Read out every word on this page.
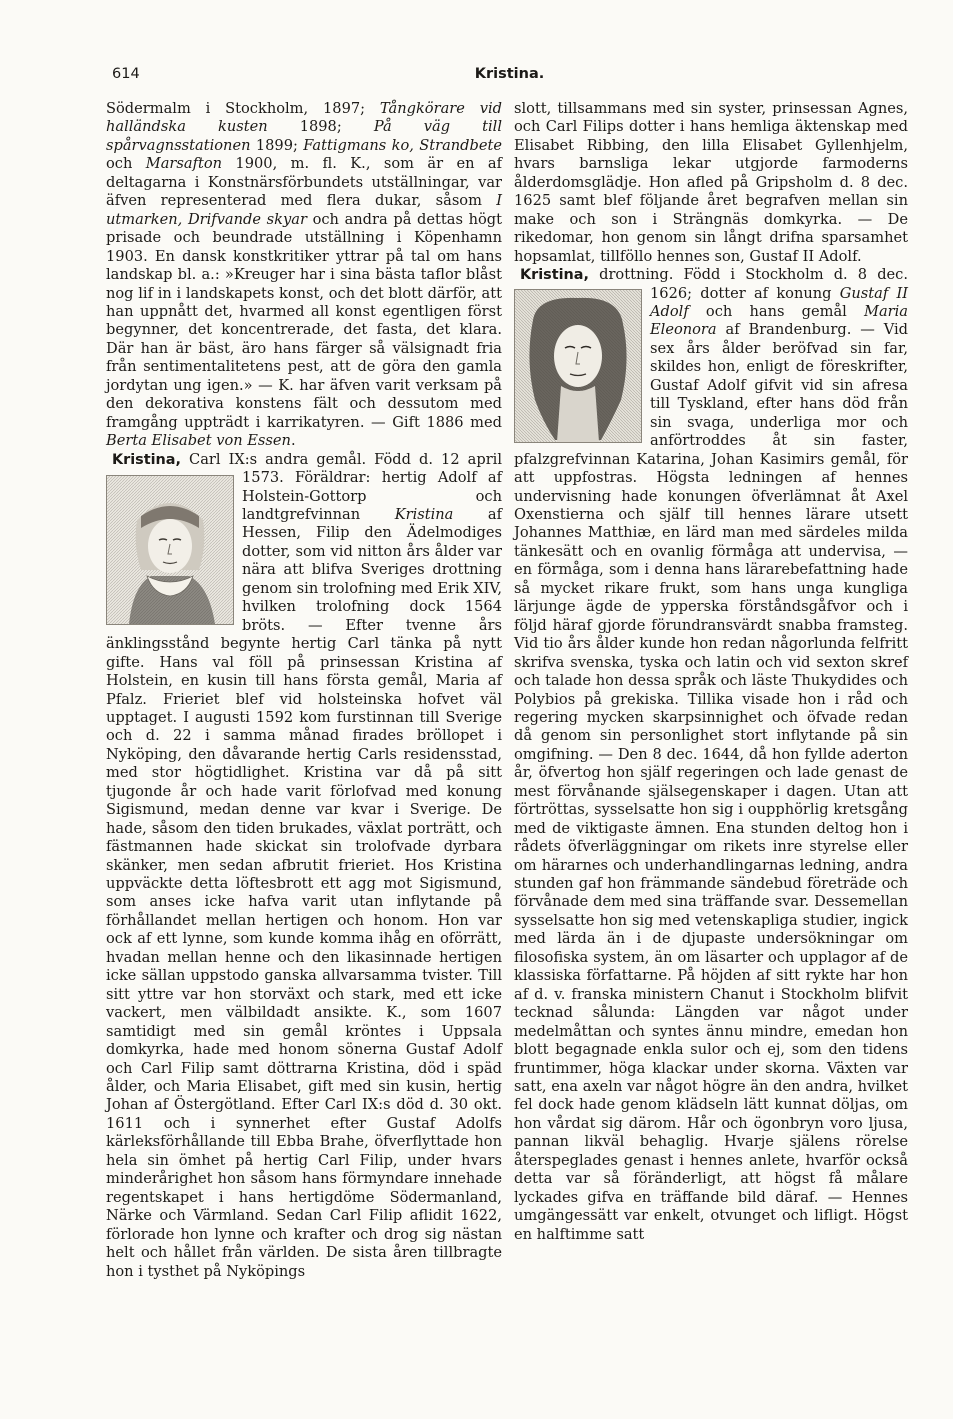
614	Kristina.

Södermalm i Stockholm, 1897; Tångkörare vid halländska kusten 1898; På väg till spårvagnsstationen 1899; Fattigmans ko, Strandbete och Marsafton 1900, m. fl. K., som är en af deltagarna i Konstnärsförbundets utställningar, var äfven representerad med flera dukar, såsom I utmarken, Drifvande skyar och andra på dettas högt prisade och beundrade utställning i Köpenhamn 1903. En dansk konstkritiker yttrar på tal om hans landskap bl. a.: »Kreuger har i sina bästa taflor blåst nog lif in i landskapets konst, och det blott därför, att han uppnått det, hvarmed all konst egentligen först begynner, det koncentrerade, det fasta, det klara. Där han är bäst, äro hans färger så välsignadt fria från sentimentalitetens pest, att de göra den gamla jordytan ung igen.» — K. har äfven varit verksam på den dekorativa konstens fält och dessutom med framgång uppträdt i karrikatyren. — Gift 1886 med Berta Elisabet von Essen.

Kristina, Carl IX:s andra gemål. Född d. 12 april 1573. Föräldrar: hertig
Adolf af Holstein-Gottorp och landtgrefvinnan Kristina af Hessen, Filip den Ädelmodiges dotter, som vid nitton års ålder var nära att blifva Sveriges drottning genom sin trolofning med Erik XIV, hvilken trolofning dock 1564 bröts. — Efter tvenne års änklingsstånd begynte hertig Carl tänka på nytt gifte. Hans val föll på prinsessan Kristina af Holstein, en kusin till hans första gemål, Maria af Pfalz. Frieriet blef vid holsteinska hofvet väl upptaget. I augusti 1592 kom furstinnan till Sverige och d. 22 i samma månad firades bröllopet i Nyköping, den dåvarande hertig Carls residensstad, med stor högtidlighet. Kristina var då på sitt tjugonde år och hade varit förlofvad med konung Sigismund, medan denne var kvar i Sverige. De hade, såsom den tiden brukades, växlat porträtt, och fästmannen hade skickat sin trolofvade dyrbara skänker, men sedan afbrutit frieriet. Hos Kristina uppväckte detta löftesbrott ett agg mot Sigismund, som anses icke hafva varit utan inflytande på förhållandet mellan hertigen och honom. Hon var ock af ett lynne, som kunde komma ihåg en oförrätt, hvadan mellan henne och den likasinnade hertigen icke sällan uppstodo ganska allvarsamma tvister. Till sitt yttre var hon storväxt och stark, med ett icke vackert, men välbildadt ansikte. K., som 1607 samtidigt med sin gemål kröntes i Uppsala domkyrka, hade med honom sönerna Gustaf Adolf och Carl Filip samt döttrarna Kristina, död i späd ålder, och Maria Elisabet, gift med sin kusin, hertig Johan af Östergötland. Efter Carl IX:s död d. 30 okt. 1611 och i synnerhet efter Gustaf Adolfs kärleksförhållande till Ebba Brahe, öfverflyttade hon hela sin ömhet på hertig Carl Filip, under hvars minderårighet hon såsom hans förmyndare innehade regentskapet i hans hertigdöme Södermanland, Närke och Värmland. Sedan Carl Filip aflidit 1622, förlorade hon lynne och krafter och drog sig nästan helt och hållet från världen. De sista åren tillbragte hon i tysthet på Nyköpings

slott, tillsammans med sin syster, prinsessan Agnes, och Carl Filips dotter i hans hemliga äktenskap med Elisabet Ribbing, den lilla Elisabet Gyllenhjelm, hvars barnsliga lekar utgjorde farmoderns ålderdomsglädje. Hon afled på Gripsholm d. 8 dec. 1625 samt blef följande året begrafven mellan sin make och son i Strängnäs domkyrka. — De rikedomar, hon genom sin långt drifna sparsamhet hopsamlat, tillföllo hennes son, Gustaf II Adolf.

Kristina, drottning. Född i Stockholm d. 8 dec. 1626; dotter af konung
Gustaf II Adolf och hans gemål Maria Eleonora af Brandenburg. — Vid sex års ålder beröfvad sin far, skildes hon, enligt de föreskrifter, Gustaf Adolf gifvit vid sin afresa till Tyskland, efter hans död från sin svaga, underliga mor och anförtroddes åt sin faster, pfalzgrefvinnan Katarina, Johan Kasimirs gemål, för att uppfostras. Högsta ledningen af hennes undervisning hade konungen öfverlämnat åt Axel Oxenstierna och själf till hennes lärare utsett Johannes Matthiæ, en lärd man med särdeles milda tänkesätt och en ovanlig förmåga att undervisa, — en förmåga, som i denna hans lärarebefattning hade så mycket rikare frukt, som hans unga kungliga lärjunge ägde de ypperska förståndsgåfvor och i följd häraf gjorde förundransvärdt snabba framsteg. Vid tio års ålder kunde hon redan någorlunda felfritt skrifva svenska, tyska och latin och vid sexton skref och talade hon dessa språk och läste Thukydides och Polybios på grekiska. Tillika visade hon i råd och regering mycken skarpsinnighet och öfvade redan då genom sin personlighet stort inflytande på sin omgifning. — Den 8 dec. 1644, då hon fyllde aderton år, öfvertog hon själf regeringen och lade genast de mest förvånande själsegenskaper i dagen. Utan att förtröttas, sysselsatte hon sig i oupphörlig kretsgång med de viktigaste ämnen. Ena stunden deltog hon i rådets öfverläggningar om rikets inre styrelse eller om härarnes och underhandlingarnas ledning, andra stunden gaf hon främmande sändebud företräde och förvånade dem med sina träffande svar. Dessemellan sysselsatte hon sig med vetenskapliga studier, ingick med lärda än i de djupaste undersökningar om filosofiska system, än om läsarter och upplagor af de klassiska författarne. På höjden af sitt rykte har hon af d. v. franska ministern Chanut i Stockholm blifvit tecknad sålunda: Längden var något under medelmåttan och syntes ännu mindre, emedan hon blott begagnade enkla sulor och ej, som den tidens fruntimmer, höga klackar under skorna. Växten var satt, ena axeln var något högre än den andra, hvilket fel dock hade genom klädseln lätt kunnat döljas, om hon vårdat sig därom. Hår och ögonbryn voro ljusa, pannan likväl behaglig. Hvarje själens rörelse återspeglades genast i hennes anlete, hvarför också detta var så föränderligt, att högst få målare lyckades gifva en träffande bild däraf. — Hennes umgängessätt var enkelt, otvunget och lifligt. Högst en halftimme satt
